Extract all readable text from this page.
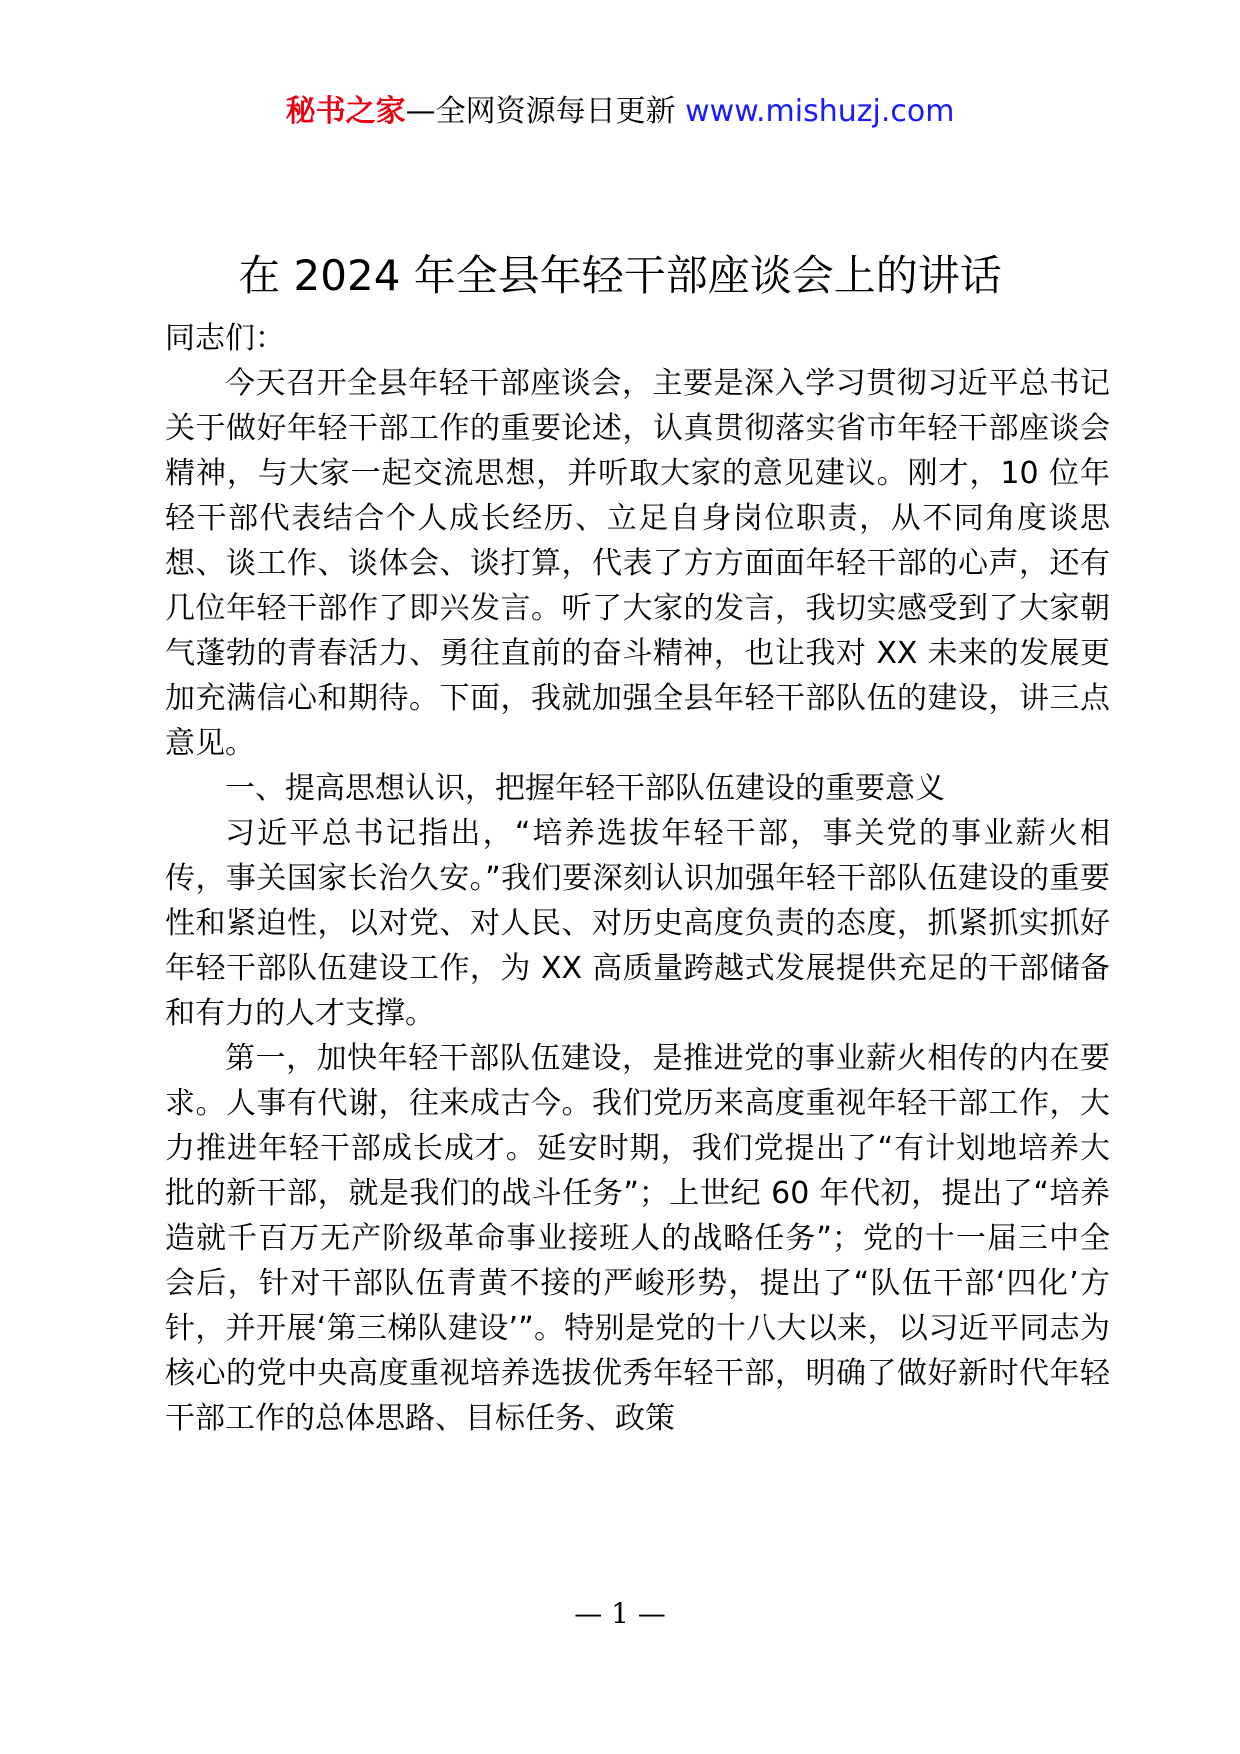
秘书之家—全网资源每日更新 www.mishuzj.com
在 2024 年全县年轻干部座谈会上的讲话

同志们：

今天召开全县年轻干部座谈会，主要是深入学习贯彻习近平总书记关于做好年轻干部工作的重要论述，认真贯彻落实省市年轻干部座谈会精神，与大家一起交流思想，并听取大家的意见建议。刚才，10 位年轻干部代表结合个人成长经历、立足自身岗位职责，从不同角度谈思想、谈工作、谈体会、谈打算，代表了方方面面年轻干部的心声，还有几位年轻干部作了即兴发言。听了大家的发言，我切实感受到了大家朝气蓬勃的青春活力、勇往直前的奋斗精神，也让我对 XX 未来的发展更加充满信心和期待。下面，我就加强全县年轻干部队伍的建设，讲三点意见。

一、提高思想认识，把握年轻干部队伍建设的重要意义

习近平总书记指出，“培养选拔年轻干部，事关党的事业薪火相传，事关国家长治久安。”我们要深刻认识加强年轻干部队伍建设的重要性和紧迫性，以对党、对人民、对历史高度负责的态度，抓紧抓实抓好年轻干部队伍建设工作，为 XX 高质量跨越式发展提供充足的干部储备和有力的人才支撑。

第一，加快年轻干部队伍建设，是推进党的事业薪火相传的内在要求。人事有代谢，往来成古今。我们党历来高度重视年轻干部工作，大力推进年轻干部成长成才。延安时期，我们党提出了“有计划地培养大批的新干部，就是我们的战斗任务”；上世纪 60 年代初，提出了“培养造就千百万无产阶级革命事业接班人的战略任务”；党的十一届三中全会后，针对干部队伍青黄不接的严峻形势，提出了“队伍干部‘四化’方针，并开展‘第三梯队建设’”。特别是党的十八大以来，以习近平同志为核心的党中央高度重视培养选拔优秀年轻干部，明确了做好新时代年轻干部工作的总体思路、目标任务、政策

— 1 —
